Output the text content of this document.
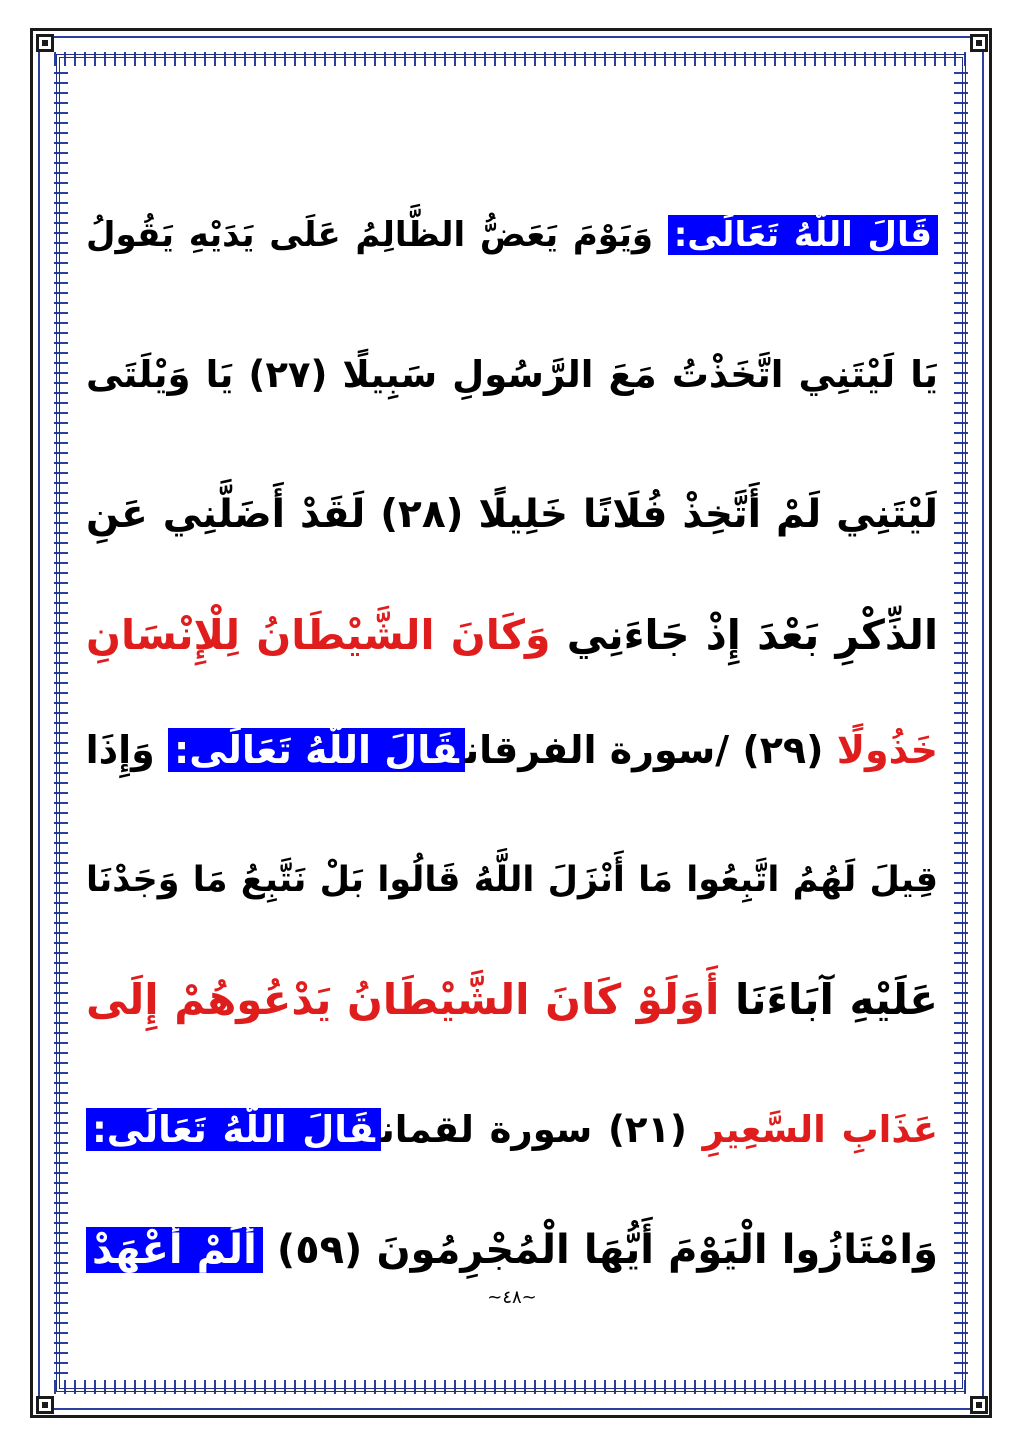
قَالَ اللَّهُ تَعَالَى: وَيَوْمَ يَعَضُّ الظَّالِمُ عَلَى يَدَيْهِ يَقُولُ
يَا لَيْتَنِي اتَّخَذْتُ مَعَ الرَّسُولِ سَبِيلًا (٢٧) يَا وَيْلَتَى
لَيْتَنِي لَمْ أَتَّخِذْ فُلَانًا خَلِيلًا (٢٨) لَقَدْ أَضَلَّنِي عَنِ
الذِّكْرِ بَعْدَ إِذْ جَاءَنِي وَكَانَ الشَّيْطَانُ لِلْإِنْسَانِ
خَذُولًا (٢٩) /سورة الفرقانقَالَ اللَّهُ تَعَالَى: وَإِذَا
قِيلَ لَهُمُ اتَّبِعُوا مَا أَنْزَلَ اللَّهُ قَالُوا بَلْ نَتَّبِعُ مَا وَجَدْنَا
عَلَيْهِ آبَاءَنَا أَوَلَوْ كَانَ الشَّيْطَانُ يَدْعُوهُمْ إِلَى
عَذَابِ السَّعِيرِ (٢١) سورة لقمانقَالَ اللَّهُ تَعَالَى:
وَامْتَازُوا الْيَوْمَ أَيُّهَا الْمُجْرِمُونَ (٥٩) أَلَمْ أَعْهَدْ
~٤٨~
